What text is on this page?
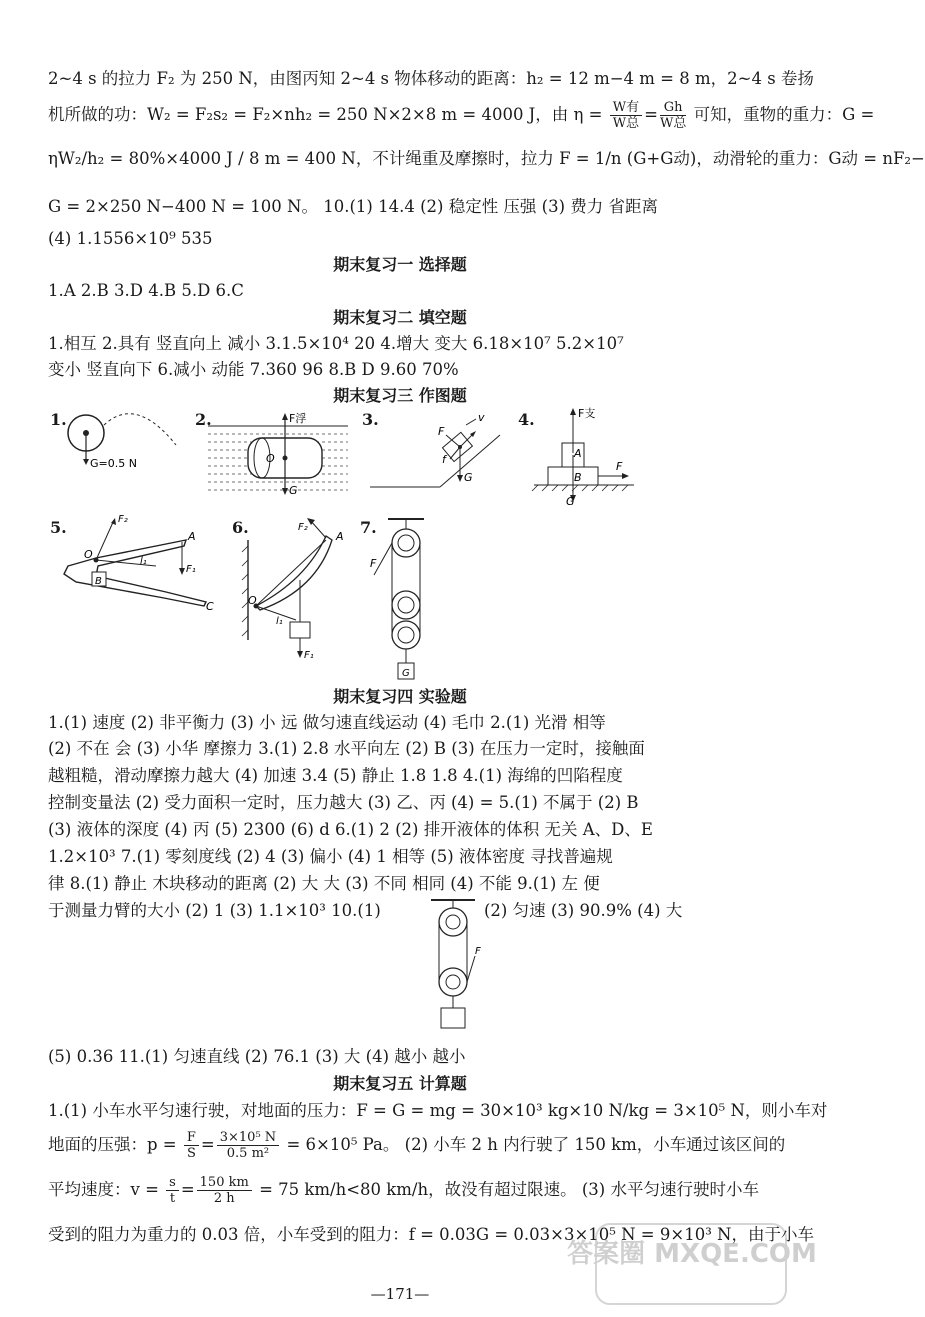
2~4 s 的拉力 F₂ 为 250 N，由图丙知 2~4 s 物体移动的距离：h₂ = 12 m−4 m = 8 m，2~4 s 卷扬
机所做的功：W₂ = F₂s₂ = F₂×nh₂ = 250 N×2×8 m = 4000 J，由 $\eta = \frac{\text{W有}}{\text{W总}} = \frac{Gh}{\text{W总}}$ 可知，重物的重力：G =
ηW₂/h₂ = 80%×4000 J / 8 m = 400 N，不计绳重及摩擦时，拉力 F = 1/n (G+G动)，动滑轮的重力：G动 = nF₂−
G = 2×250 N−400 N = 100 N。 10.(1) 14.4 (2) 稳定性 压强 (3) 费力 省距离
(4) 1.1556×10⁹ 535
期末复习一 选择题
1.A 2.B 3.D 4.B 5.D 6.C
期末复习二 填空题
1.相互 2.具有 竖直向上 减小 3.1.5×10⁴ 20 4.增大 变大 6.18×10⁷ 5.2×10⁷
变小 竖直向下 6.减小 动能 7.360 96 8.B D 9.60 70%
期末复习三 作图题
1.
G=0.5 N
2.	F浮
O
G
3.	v
F
f
G
4.	F支
A
B
F
G
5.	F₂
O
A
l₁
F₁
B
C
6.	F₂
A
O
l₁
F₁
7.
F
G
期末复习四 实验题
1.(1) 速度 (2) 非平衡力 (3) 小 远 做匀速直线运动 (4) 毛巾 2.(1) 光滑 相等
(2) 不在 会 (3) 小华 摩擦力 3.(1) 2.8 水平向左 (2) B (3) 在压力一定时，接触面
越粗糙，滑动摩擦力越大 (4) 加速 3.4 (5) 静止 1.8 1.8 4.(1) 海绵的凹陷程度
控制变量法 (2) 受力面积一定时，压力越大 (3) 乙、丙 (4) = 5.(1) 不属于 (2) B
(3) 液体的深度 (4) 丙 (5) 2300 (6) d 6.(1) 2 (2) 排开液体的体积 无关 A、D、E
1.2×10³ 7.(1) 零刻度线 (2) 4 (3) 偏小 (4) 1 相等 (5) 液体密度 寻找普遍规
律 8.(1) 静止 木块移动的距离 (2) 大 大 (3) 不同 相同 (4) 不能 9.(1) 左 便
于测量力臂的大小 (2) 1 (3) 1.1×10³ 10.(1)	(2) 匀速 (3) 90.9% (4) 大
F
(5) 0.36 11.(1) 匀速直线 (2) 76.1 (3) 大 (4) 越小 越小
期末复习五 计算题
1.(1) 小车水平匀速行驶，对地面的压力：F = G = mg = 30×10³ kg×10 N/kg = 3×10⁵ N，则小车对
地面的压强：$p = \frac{F}{S} = \frac{\text{3×10⁵ N}}{\text{0.5 m²}} = 6\times 10^5$ Pa。 (2) 小车 2 h 内行驶了 150 km，小车通过该区间的
平均速度：$v = \frac{s}{t} = \frac{150 km}{2 h} = 75$ km/h<80 km/h，故没有超过限速。 (3) 水平匀速行驶时小车
受到的阻力为重力的 0.03 倍，小车受到的阻力：f = 0.03G = 0.03×3×10⁵ N = 9×10³ N，由于小车
—171—
答案圈 MXQE.COM
